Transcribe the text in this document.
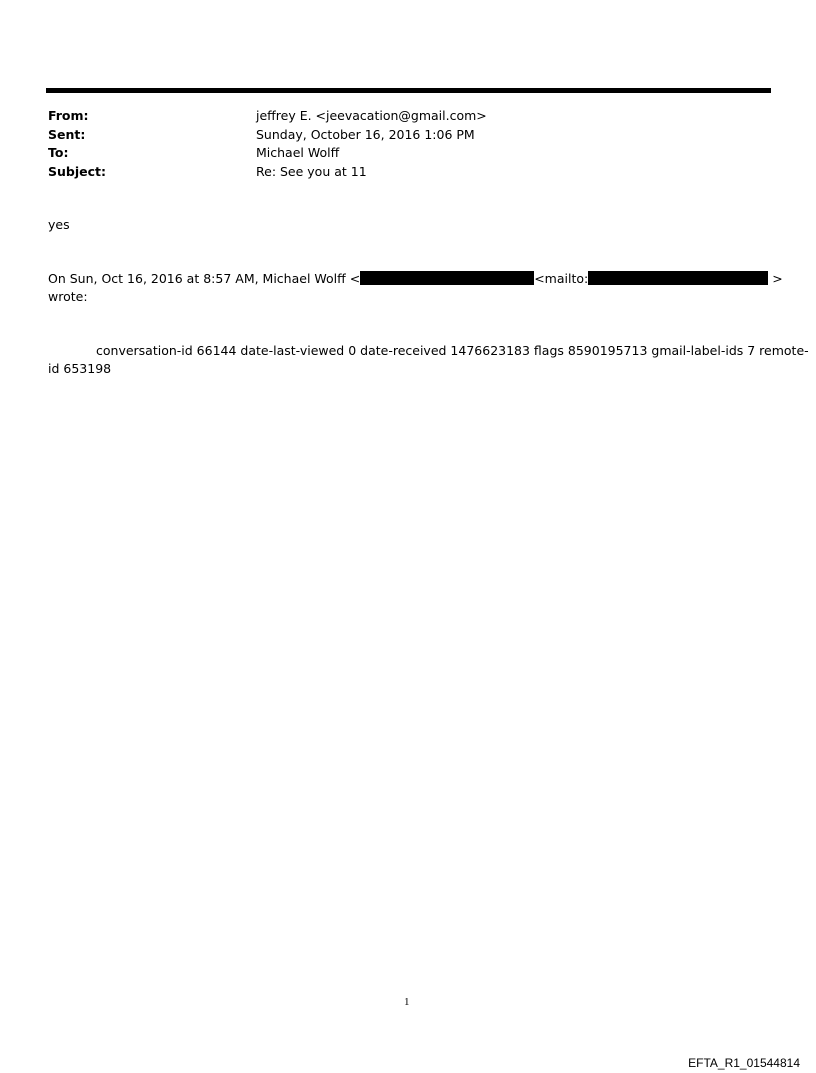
From:	jeffrey E. <jeevacation@gmail.com>
Sent:	Sunday, October 16, 2016 1:06 PM
To:	Michael Wolff
Subject:	Re: See you at 11
yes
On Sun, Oct 16, 2016 at 8:57 AM, Michael Wolff <	<mailto:	>
wrote:
conversation-id 66144 date-last-viewed 0 date-received 1476623183 flags 8590195713 gmail-label-ids 7 remote-
id 653198
1
EFTA_R1_01544814
